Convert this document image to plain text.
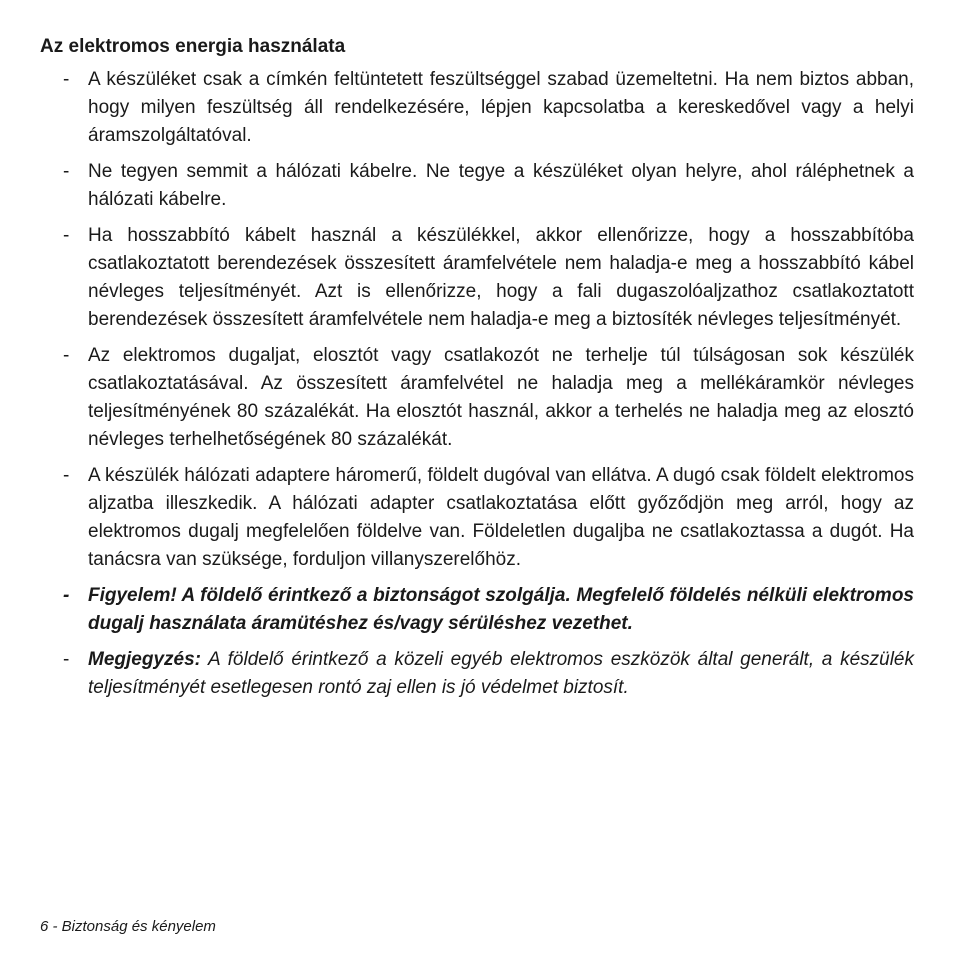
Az elektromos energia használata
- A készüléket csak a címkén feltüntetett feszültséggel szabad üzemeltetni. Ha nem biztos abban, hogy milyen feszültség áll rendelkezésére, lépjen kapcsolatba a kereskedővel vagy a helyi áramszolgáltatóval.
- Ne tegyen semmit a hálózati kábelre. Ne tegye a készüléket olyan helyre, ahol ráléphetnek a hálózati kábelre.
- Ha hosszabbító kábelt használ a készülékkel, akkor ellenőrizze, hogy a hosszabbítóba csatlakoztatott berendezések összesített áramfelvétele nem haladja-e meg a hosszabbító kábel névleges teljesítményét. Azt is ellenőrizze, hogy a fali dugaszolóaljzathoz csatlakoztatott berendezések összesített áramfelvétele nem haladja-e meg a biztosíték névleges teljesítményét.
- Az elektromos dugaljat, elosztót vagy csatlakozót ne terhelje túl túlságosan sok készülék csatlakoztatásával. Az összesített áramfelvétel ne haladja meg a mellékáramkör névleges teljesítményének 80 százalékát. Ha elosztót használ, akkor a terhelés ne haladja meg az elosztó névleges terhelhetőségének 80 százalékát.
- A készülék hálózati adaptere háromerű, földelt dugóval van ellátva. A dugó csak földelt elektromos aljzatba illeszkedik. A hálózati adapter csatlakoztatása előtt győződjön meg arról, hogy az elektromos dugalj megfelelően földelve van. Földeletlen dugaljba ne csatlakoztassa a dugót. Ha tanácsra van szüksége, forduljon villanyszerelőhöz.
- Figyelem! A földelő érintkező a biztonságot szolgálja. Megfelelő földelés nélküli elektromos dugalj használata áramütéshez és/vagy sérüléshez vezethet.
- Megjegyzés: A földelő érintkező a közeli egyéb elektromos eszközök által generált, a készülék teljesítményét esetlegesen rontó zaj ellen is jó védelmet biztosít.
6 - Biztonság és kényelem
